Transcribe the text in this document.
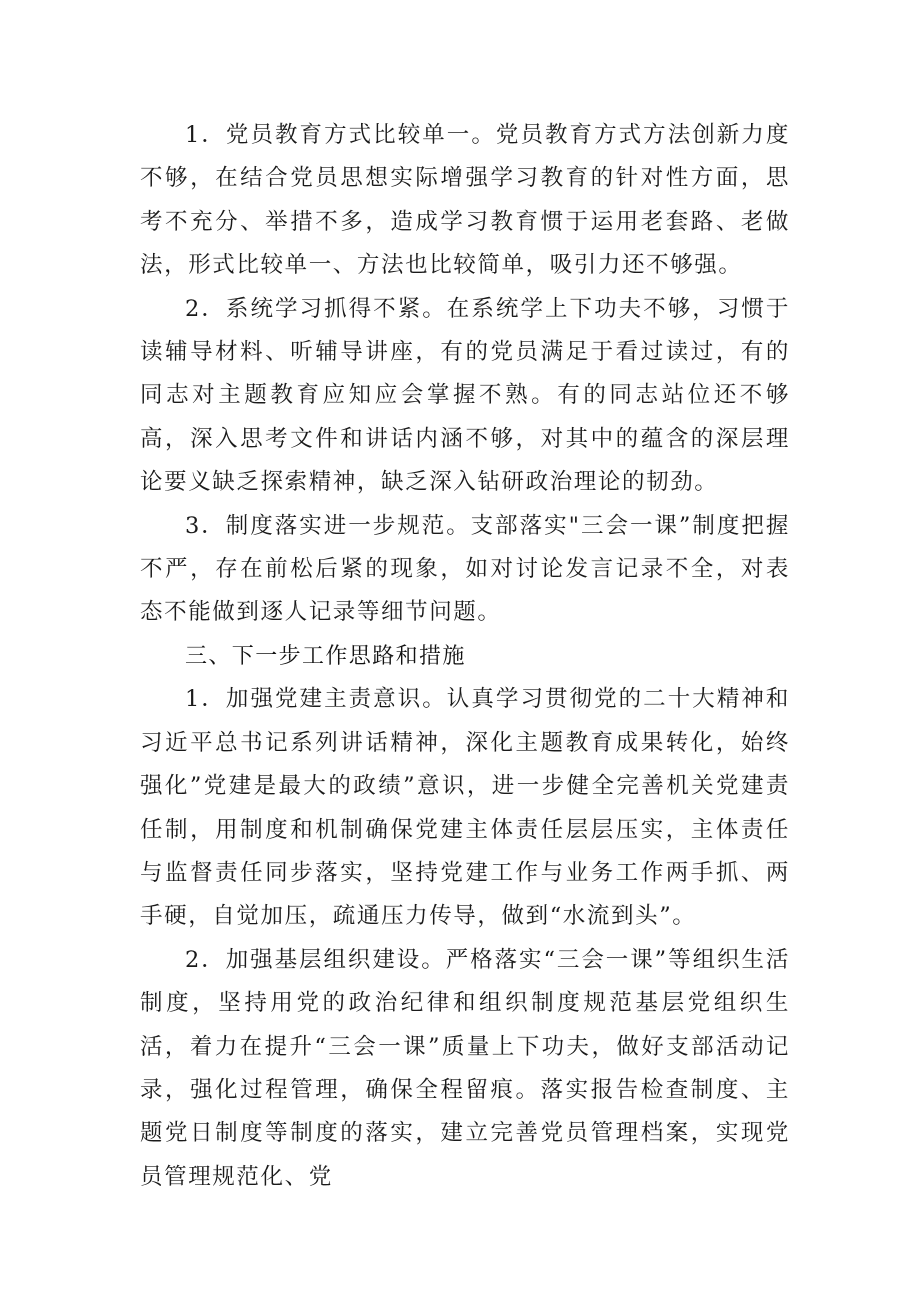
1．党员教育方式比较单一。党员教育方式方法创新力度不够，在结合党员思想实际增强学习教育的针对性方面，思考不充分、举措不多，造成学习教育惯于运用老套路、老做法，形式比较单一、方法也比较简单，吸引力还不够强。

2．系统学习抓得不紧。在系统学上下功夫不够，习惯于读辅导材料、听辅导讲座，有的党员满足于看过读过，有的同志对主题教育应知应会掌握不熟。有的同志站位还不够高，深入思考文件和讲话内涵不够，对其中的蕴含的深层理论要义缺乏探索精神，缺乏深入钻研政治理论的韧劲。

3．制度落实进一步规范。支部落实"三会一课”制度把握不严，存在前松后紧的现象，如对讨论发言记录不全，对表态不能做到逐人记录等细节问题。

三、下一步工作思路和措施

1．加强党建主责意识。认真学习贯彻党的二十大精神和习近平总书记系列讲话精神，深化主题教育成果转化，始终强化”党建是最大的政绩”意识，进一步健全完善机关党建责任制，用制度和机制确保党建主体责任层层压实，主体责任与监督责任同步落实，坚持党建工作与业务工作两手抓、两手硬，自觉加压，疏通压力传导，做到“水流到头”。

2．加强基层组织建设。严格落实“三会一课”等组织生活制度，坚持用党的政治纪律和组织制度规范基层党组织生活，着力在提升“三会一课”质量上下功夫，做好支部活动记录，强化过程管理，确保全程留痕。落实报告检查制度、主题党日制度等制度的落实，建立完善党员管理档案，实现党员管理规范化、党
